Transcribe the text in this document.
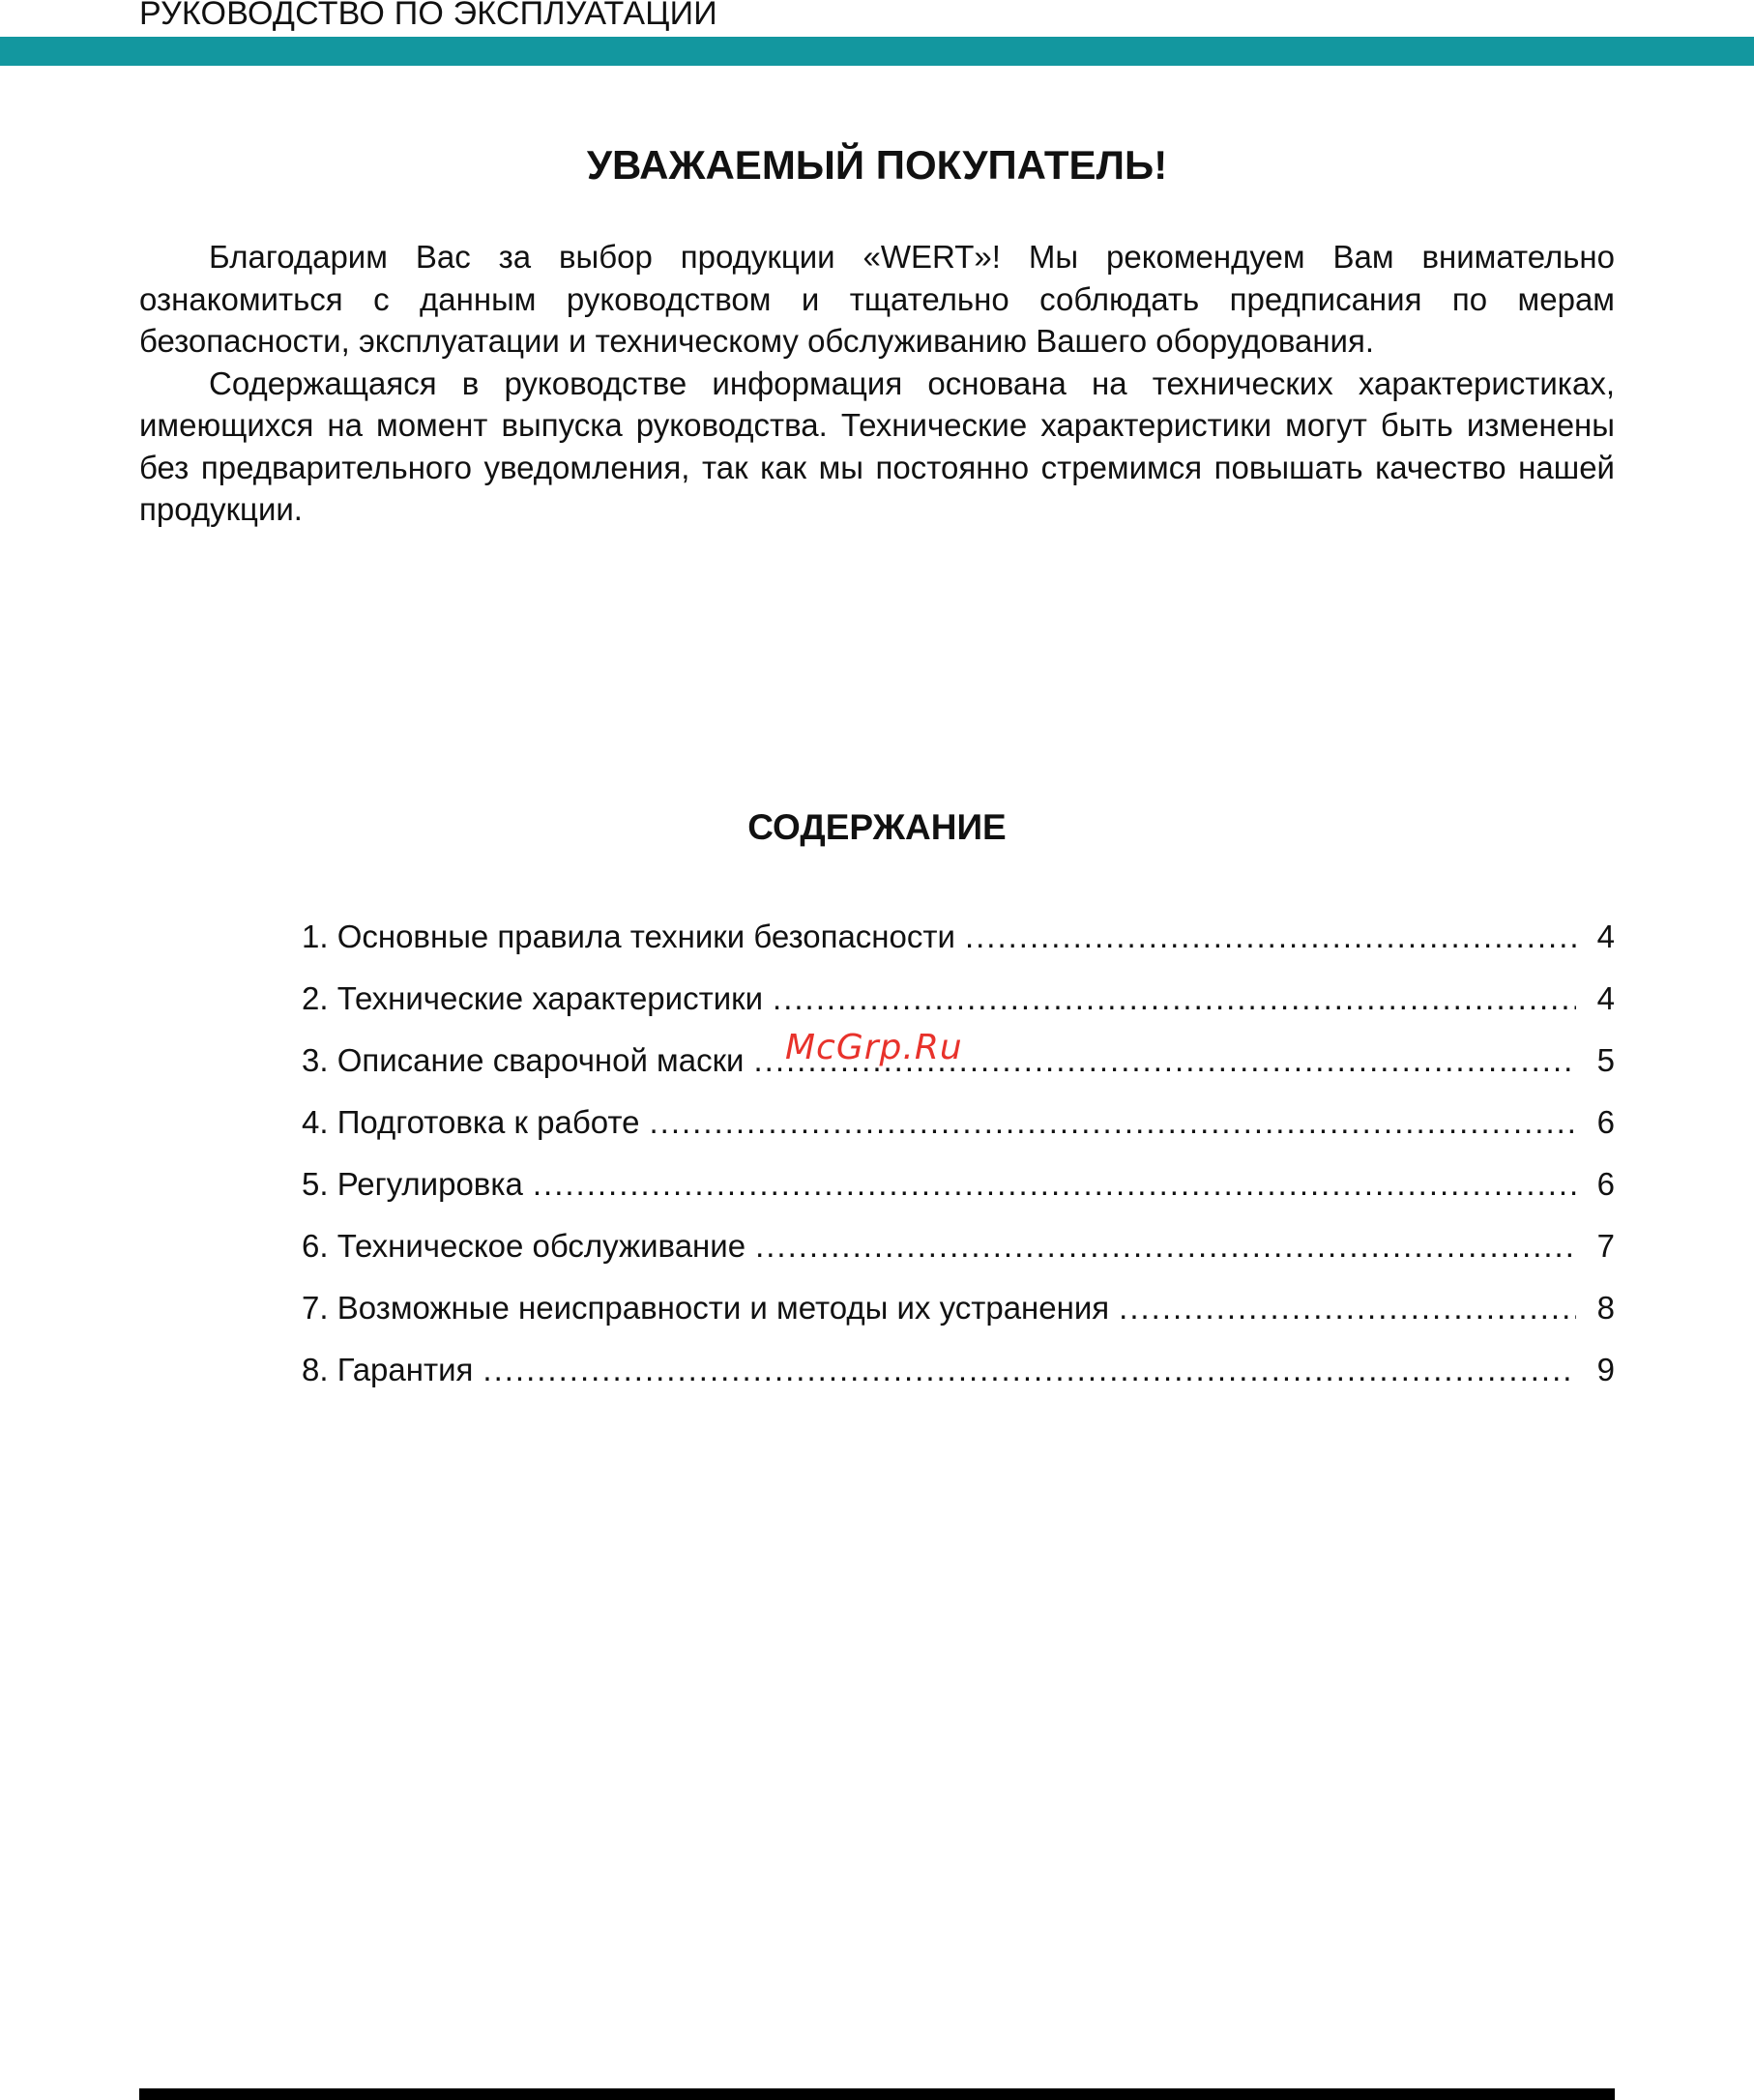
РУКОВОДСТВО ПО ЭКСПЛУАТАЦИИ
УВАЖАЕМЫЙ ПОКУПАТЕЛЬ!

Благодарим Вас за выбор продукции «WERT»! Мы рекомендуем Вам внимательно ознакомиться с данным руководством и тщательно соблюдать предписания по мерам безопасности, эксплуатации и техническому обслуживанию Вашего оборудования.

Содержащаяся в руководстве информация основана на технических характеристиках, имеющихся на момент выпуска руководства. Технические характеристики могут быть изменены без предварительного уведомления, так как мы постоянно стремимся повышать качество нашей продукции.

СОДЕРЖАНИЕ
1. Основные правила техники безопасности .....	4
2. Технические характеристики .....	4
3. Описание сварочной маски .....	5
4. Подготовка к работе .....	6
5. Регулировка .....	6
6. Техническое обслуживание .....	7
7. Возможные неисправности и методы их устранения .....	8
8. Гарантия .....	9
McGrp.Ru
